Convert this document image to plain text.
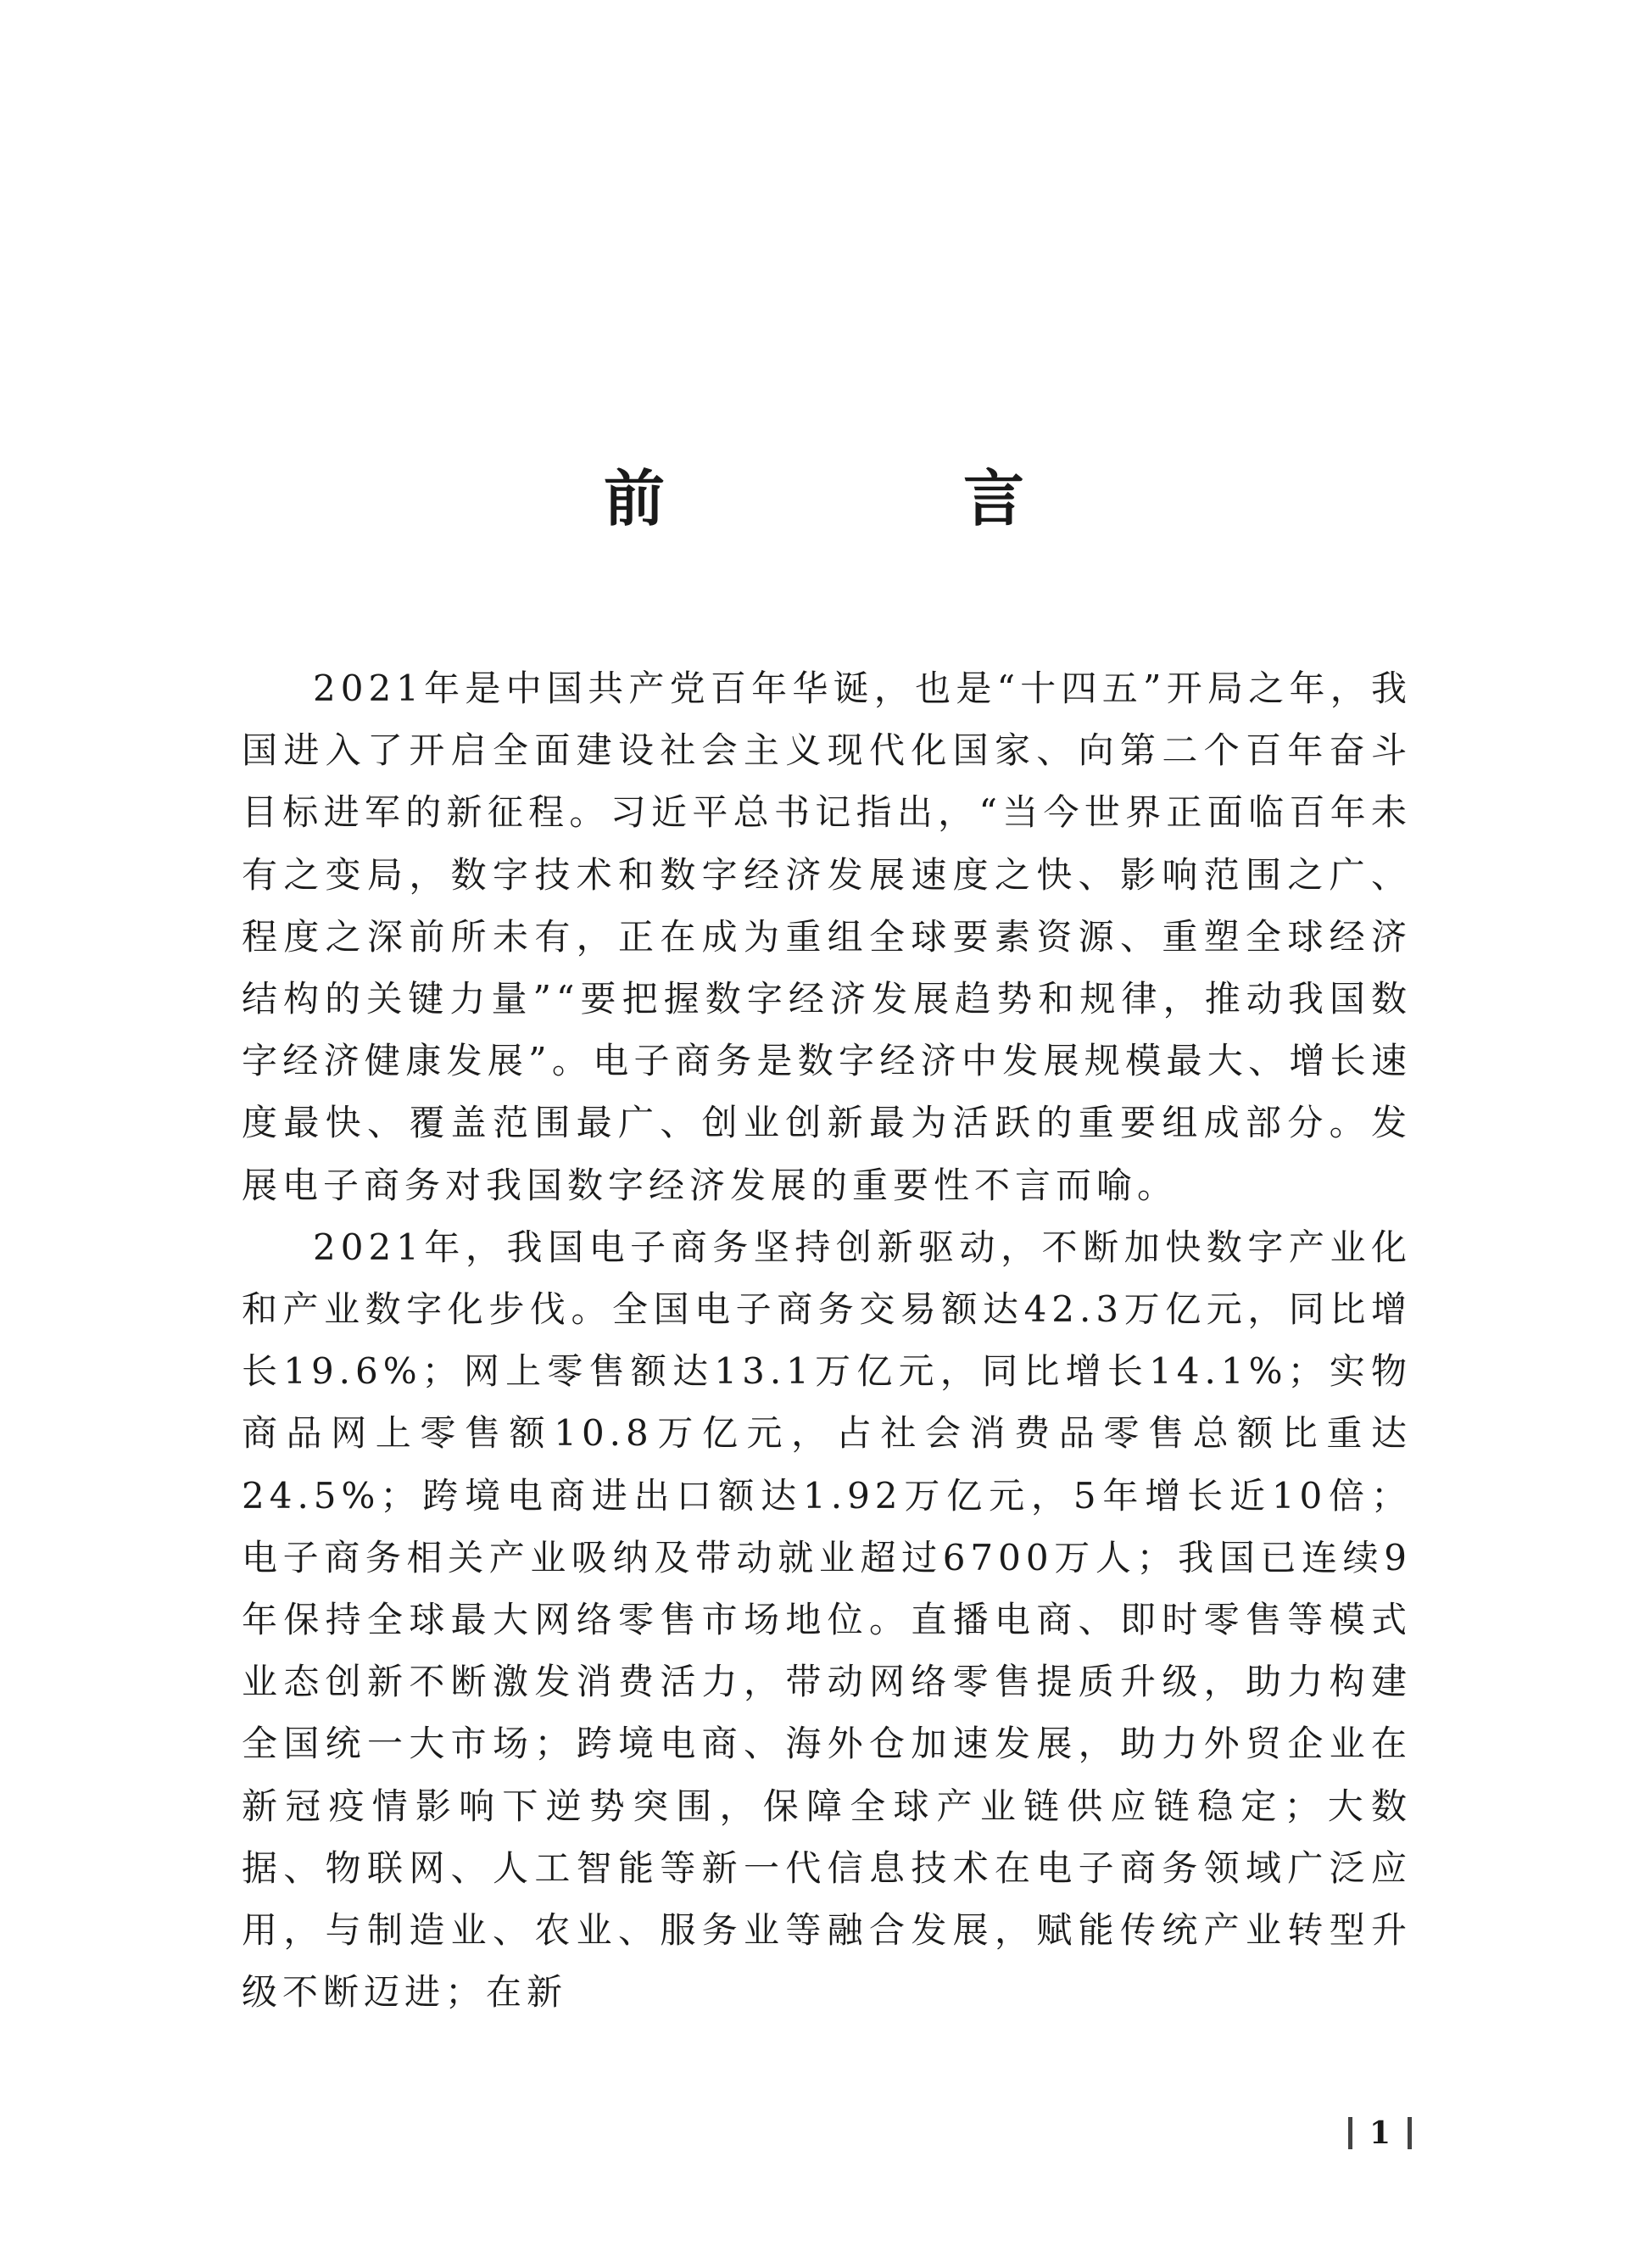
前　言

2021年是中国共产党百年华诞，也是“十四五”开局之年，我国进入了开启全面建设社会主义现代化国家、向第二个百年奋斗目标进军的新征程。习近平总书记指出，“当今世界正面临百年未有之变局，数字技术和数字经济发展速度之快、影响范围之广、程度之深前所未有，正在成为重组全球要素资源、重塑全球经济结构的关键力量”“要把握数字经济发展趋势和规律，推动我国数字经济健康发展”。电子商务是数字经济中发展规模最大、增长速度最快、覆盖范围最广、创业创新最为活跃的重要组成部分。发展电子商务对我国数字经济发展的重要性不言而喻。

2021年，我国电子商务坚持创新驱动，不断加快数字产业化和产业数字化步伐。全国电子商务交易额达42.3万亿元，同比增长19.6%；网上零售额达13.1万亿元，同比增长14.1%；实物商品网上零售额10.8万亿元，占社会消费品零售总额比重达24.5%；跨境电商进出口额达1.92万亿元，5年增长近10倍；电子商务相关产业吸纳及带动就业超过6700万人；我国已连续9年保持全球最大网络零售市场地位。直播电商、即时零售等模式业态创新不断激发消费活力，带动网络零售提质升级，助力构建全国统一大市场；跨境电商、海外仓加速发展，助力外贸企业在新冠疫情影响下逆势突围，保障全球产业链供应链稳定；大数据、物联网、人工智能等新一代信息技术在电子商务领域广泛应用，与制造业、农业、服务业等融合发展，赋能传统产业转型升级不断迈进；在新

1
